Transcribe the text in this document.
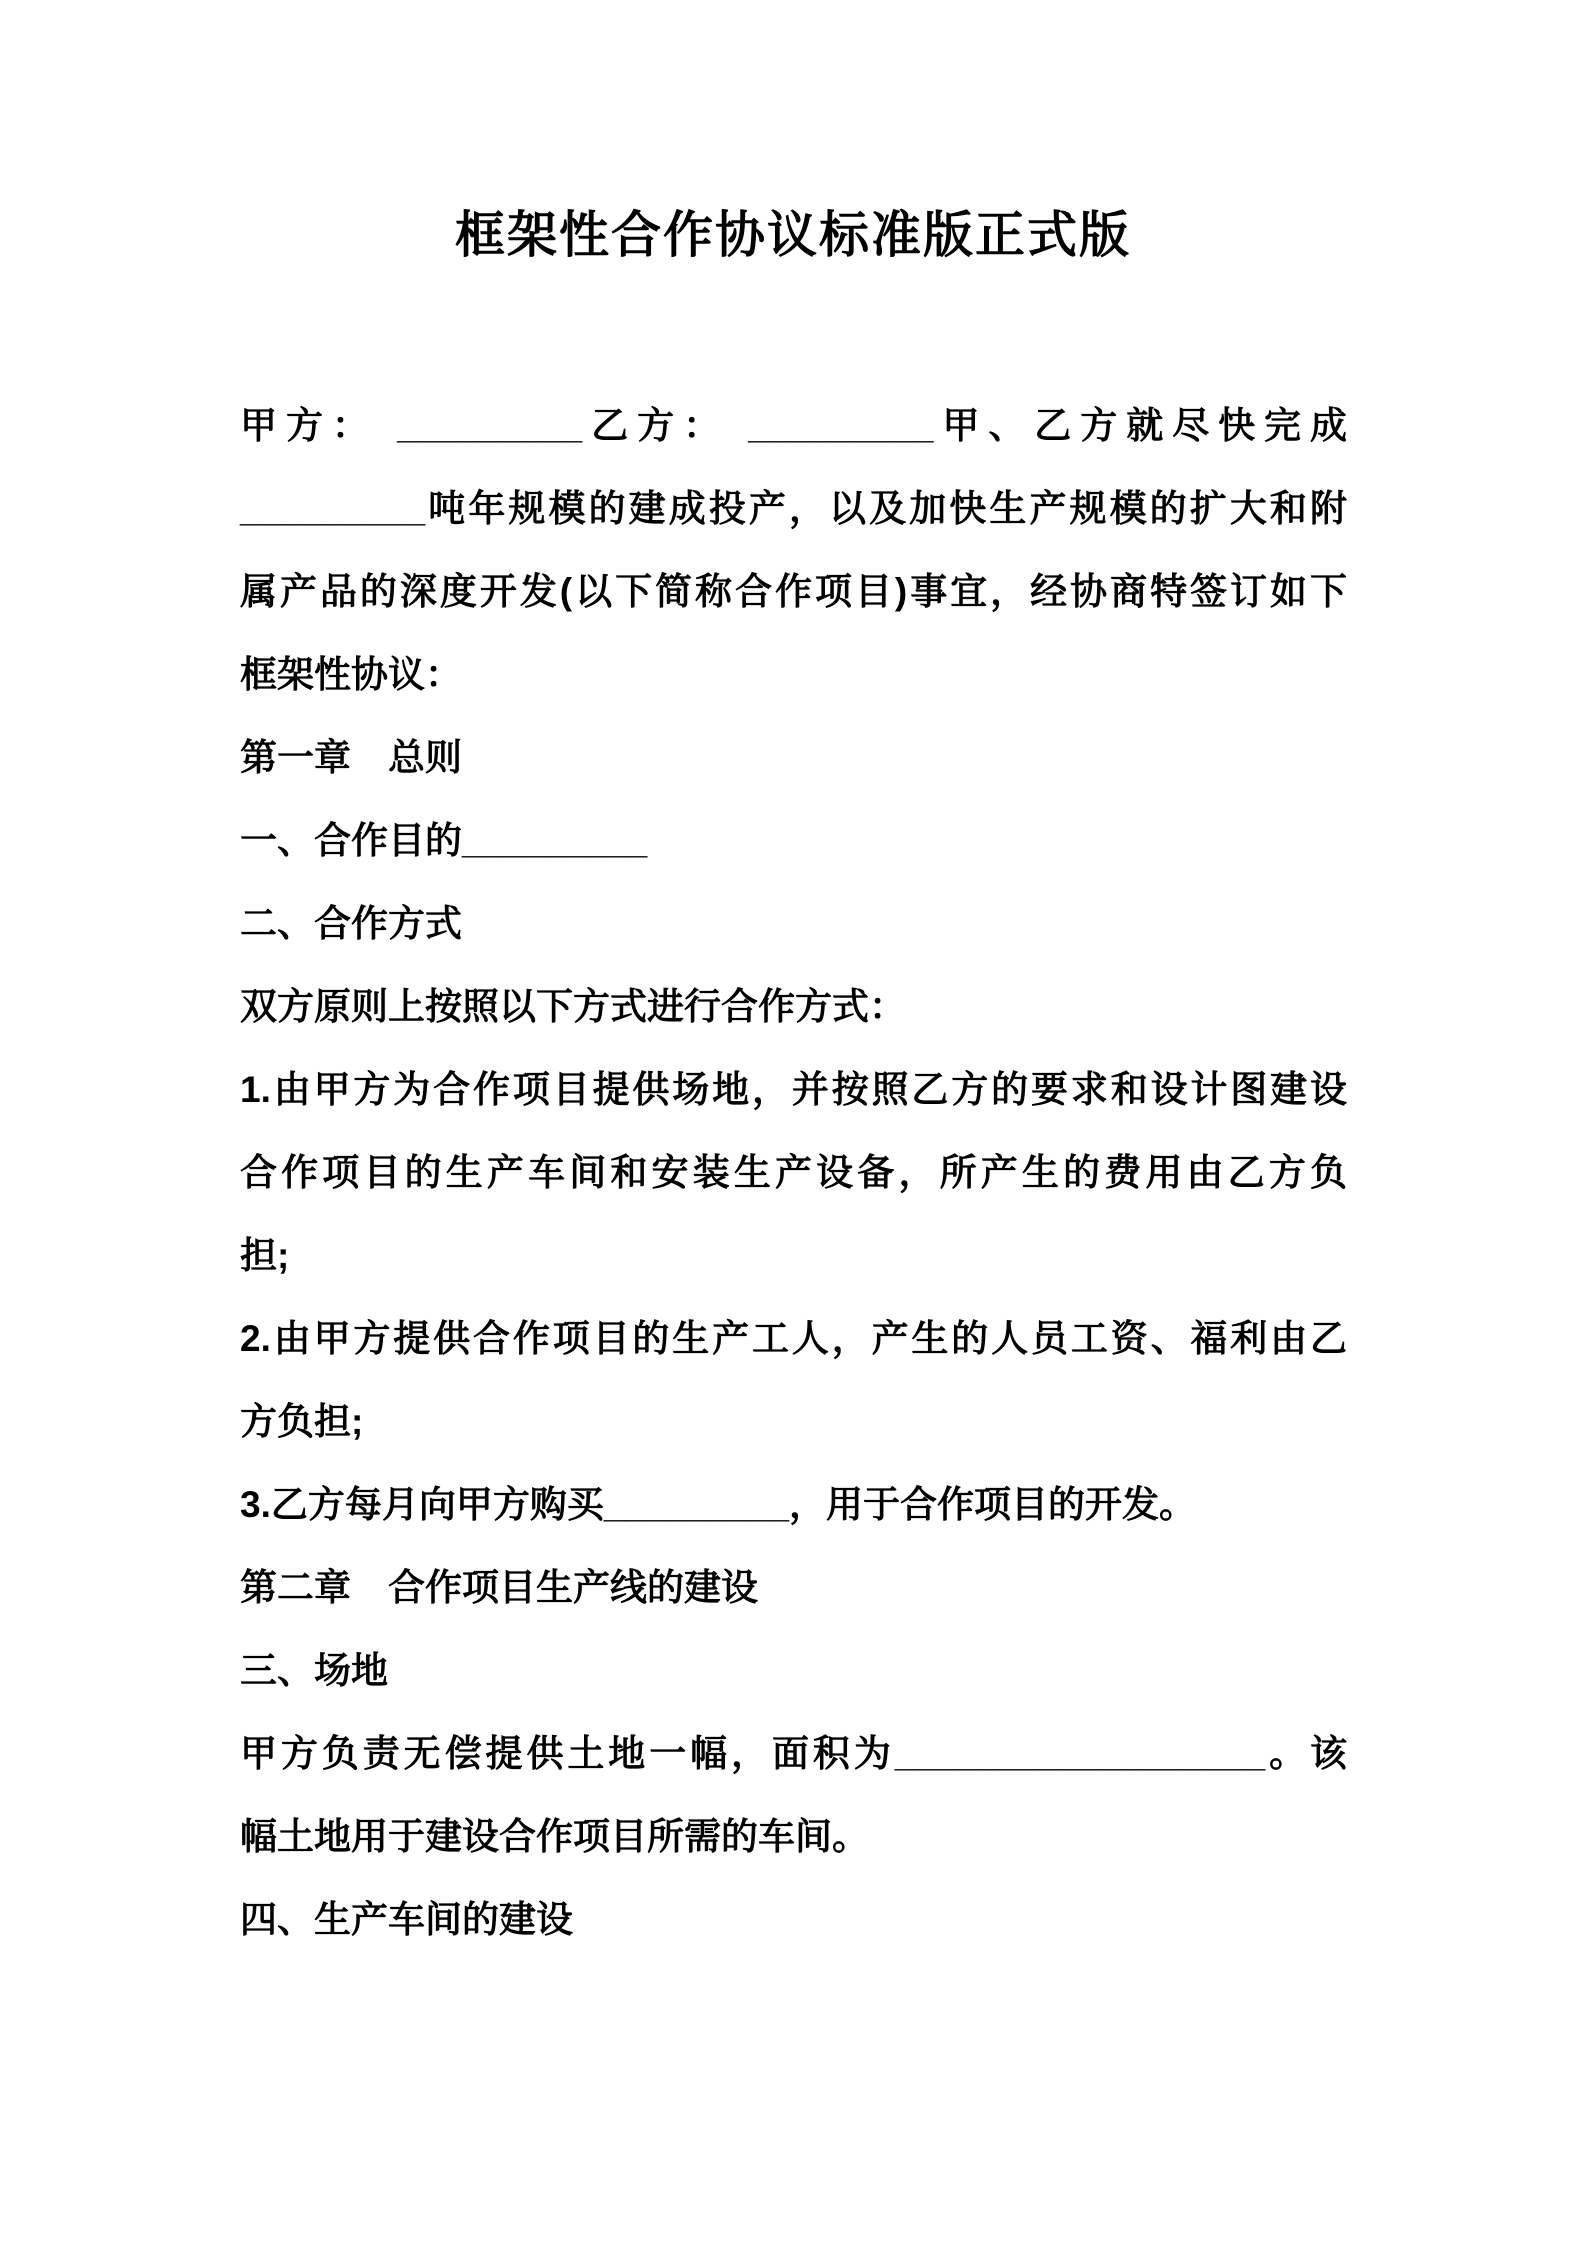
框架性合作协议标准版正式版
甲方： _________乙方： _________甲、乙方就尽快完成
_________吨年规模的建成投产，以及加快生产规模的扩大和附
属产品的深度开发(以下简称合作项目)事宜，经协商特签订如下
框架性协议：
第一章　总则
一、合作目的_________
二、合作方式
双方原则上按照以下方式进行合作方式：
1.由甲方为合作项目提供场地，并按照乙方的要求和设计图建设
合作项目的生产车间和安装生产设备，所产生的费用由乙方负
担;
2.由甲方提供合作项目的生产工人，产生的人员工资、福利由乙
方负担;
3.乙方每月向甲方购买_________，用于合作项目的开发。
第二章　合作项目生产线的建设
三、场地
甲方负责无偿提供土地一幅，面积为__________________。该
幅土地用于建设合作项目所需的车间。
四、生产车间的建设
